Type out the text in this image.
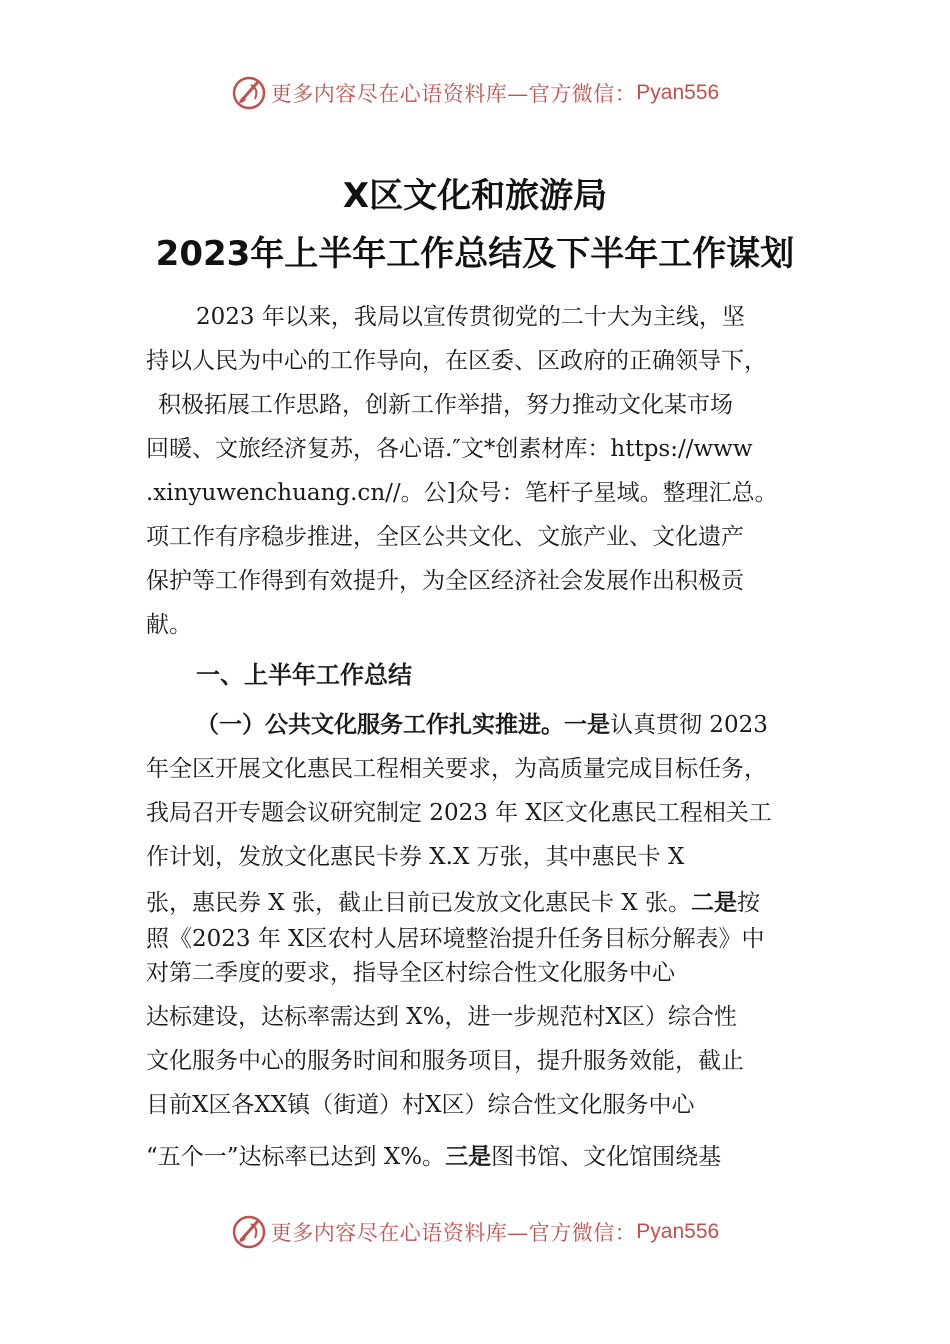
更多内容尽在心语资料库—官方微信： Pyan556
X区文化和旅游局
2023年上半年工作总结及下半年工作谋划
2023 年以来，我局以宣传贯彻党的二十大为主线，坚
持以人民为中心的工作导向，在区委、区政府的正确领导下，
积极拓展工作思路，创新工作举措，努力推动文化某市场
回暖、文旅经济复苏，各心语.″文*创素材库：https://www
.xinyuwenchuang.cn//。公]众号：笔杆子星域。整理汇总。
项工作有序稳步推进，全区公共文化、文旅产业、文化遗产
保护等工作得到有效提升，为全区经济社会发展作出积极贡
献。
一、上半年工作总结
（一）公共文化服务工作扎实推进。一是认真贯彻 2023
年全区开展文化惠民工程相关要求，为高质量完成目标任务，
我局召开专题会议研究制定 2023 年 X区文化惠民工程相关工
作计划，发放文化惠民卡券 X.X 万张，其中惠民卡 X
张，惠民券 X 张，截止目前已发放文化惠民卡 X 张。二是按
照《2023 年 X区农村人居环境整治提升任务目标分解表》中
对第二季度的要求，指导全区村综合性文化服务中心
达标建设，达标率需达到 X%，进一步规范村X区）综合性
文化服务中心的服务时间和服务项目，提升服务效能，截止
目前X区各XX镇（街道）村X区）综合性文化服务中心
“五个一”达标率已达到 X%。三是图书馆、文化馆围绕基
更多内容尽在心语资料库—官方微信： Pyan556
